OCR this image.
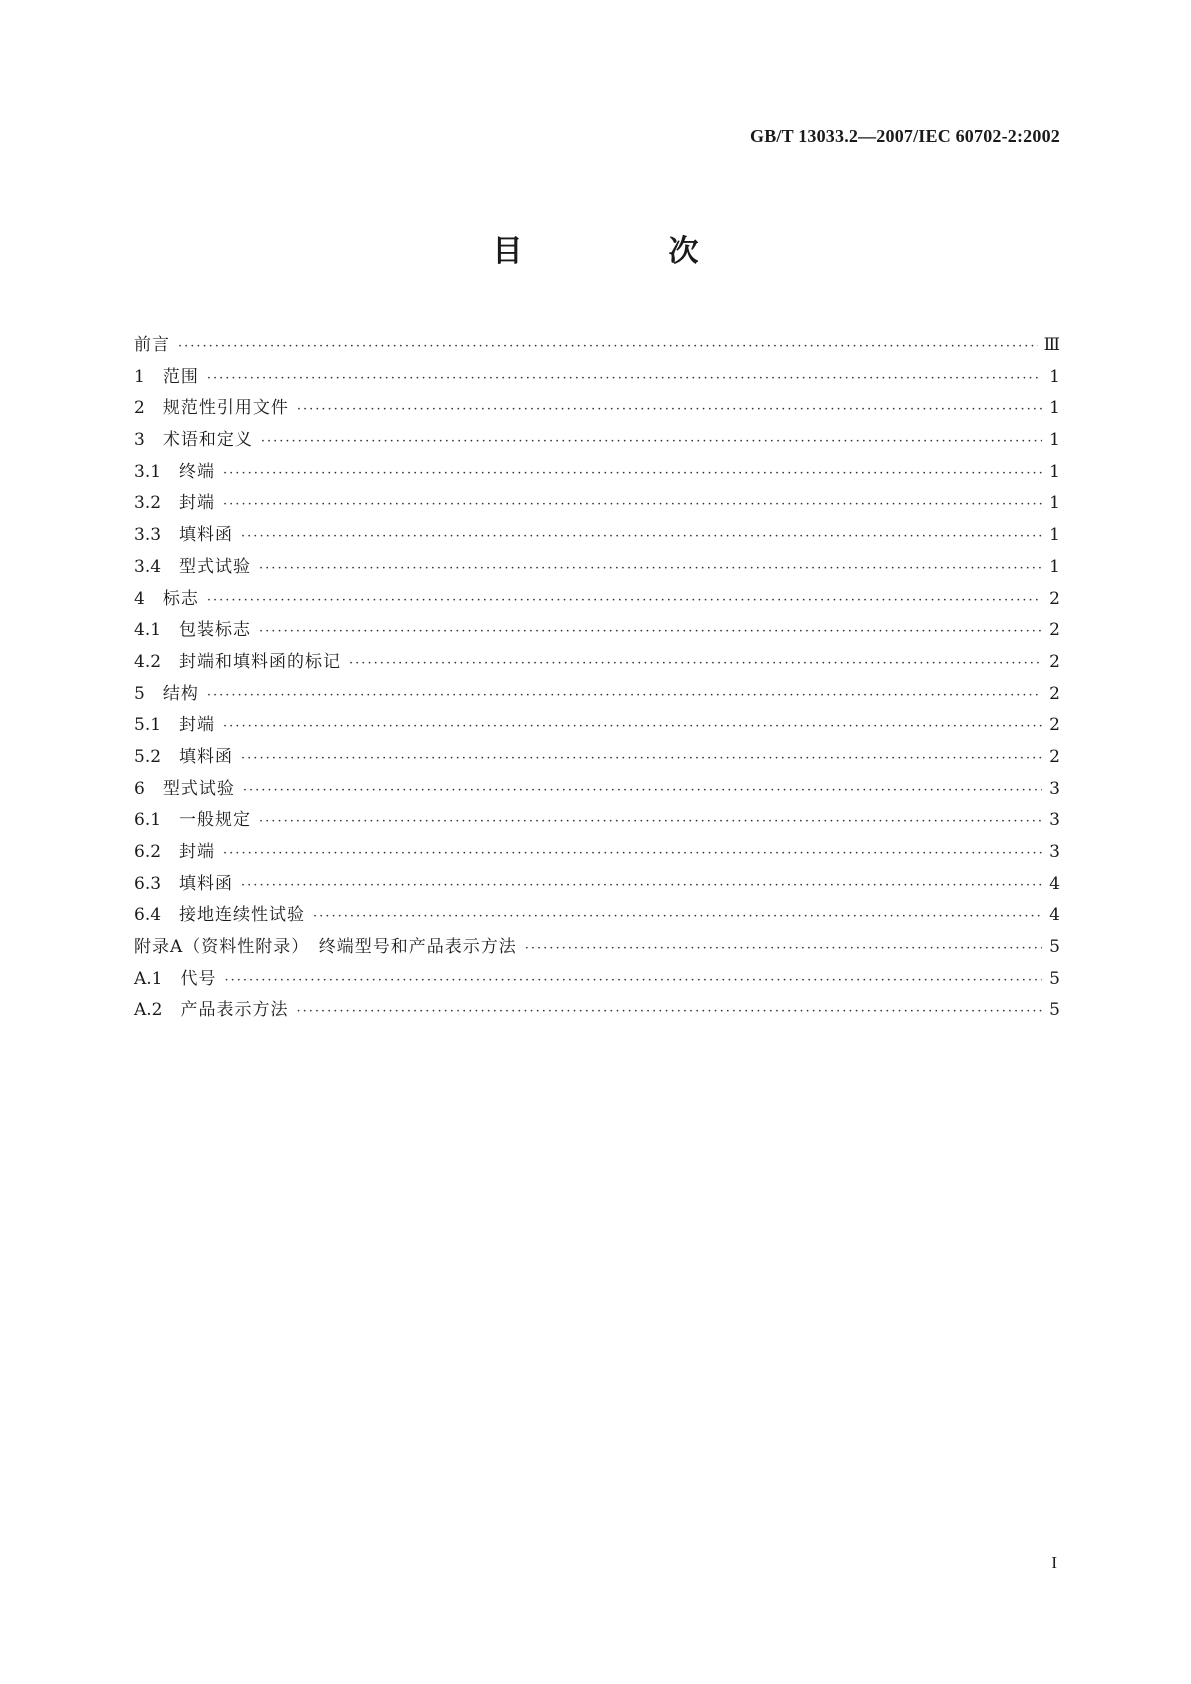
GB/T 13033.2—2007/IEC 60702-2:2002
目　次
前言 ·····	Ⅲ
1 范围 ·····	1
2 规范性引用文件 ·····	1
3 术语和定义 ·····	1
3.1 终端 ·····	1
3.2 封端 ·····	1
3.3 填料函 ·····	1
3.4 型式试验 ·····	1
4 标志 ·····	2
4.1 包装标志 ·····	2
4.2 封端和填料函的标记 ·····	2
5 结构 ·····	2
5.1 封端 ·····	2
5.2 填料函 ·····	2
6 型式试验 ·····	3
6.1 一般规定 ·····	3
6.2 封端 ·····	3
6.3 填料函 ·····	4
6.4 接地连续性试验 ·····	4
附录A（资料性附录）　终端型号和产品表示方法 ·····	5
A.1 代号 ·····	5
A.2 产品表示方法 ·····	5
I
